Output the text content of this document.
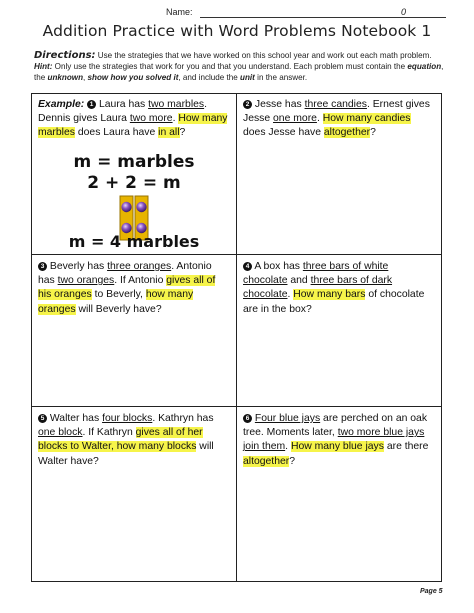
Name:	0
Addition Practice with Word Problems Notebook 1
Directions: Use the strategies that we have worked on this school year and work out each math problem. Hint: Only use the strategies that work for you and that you understand. Each problem must contain the equation, the unknown, show how you solved it, and include the unit in the answer.
Example: 1 Laura has two marbles. Dennis gives Laura two more. How many marbles does Laura have in all?
m = marbles
2 + 2 = m
m = 4 marbles
2 Jesse has three candies. Ernest gives Jesse one more. How many candies does Jesse have altogether?
3 Beverly has three oranges. Antonio has two oranges. If Antonio gives all of his oranges to Beverly, how many oranges will Beverly have?
4 A box has three bars of white chocolate and three bars of dark chocolate. How many bars of chocolate are in the box?
5 Walter has four blocks. Kathryn has one block. If Kathryn gives all of her blocks to Walter, how many blocks will Walter have?
6 Four blue jays are perched on an oak tree. Moments later, two more blue jays join them. How many blue jays are there altogether?
Page 5
